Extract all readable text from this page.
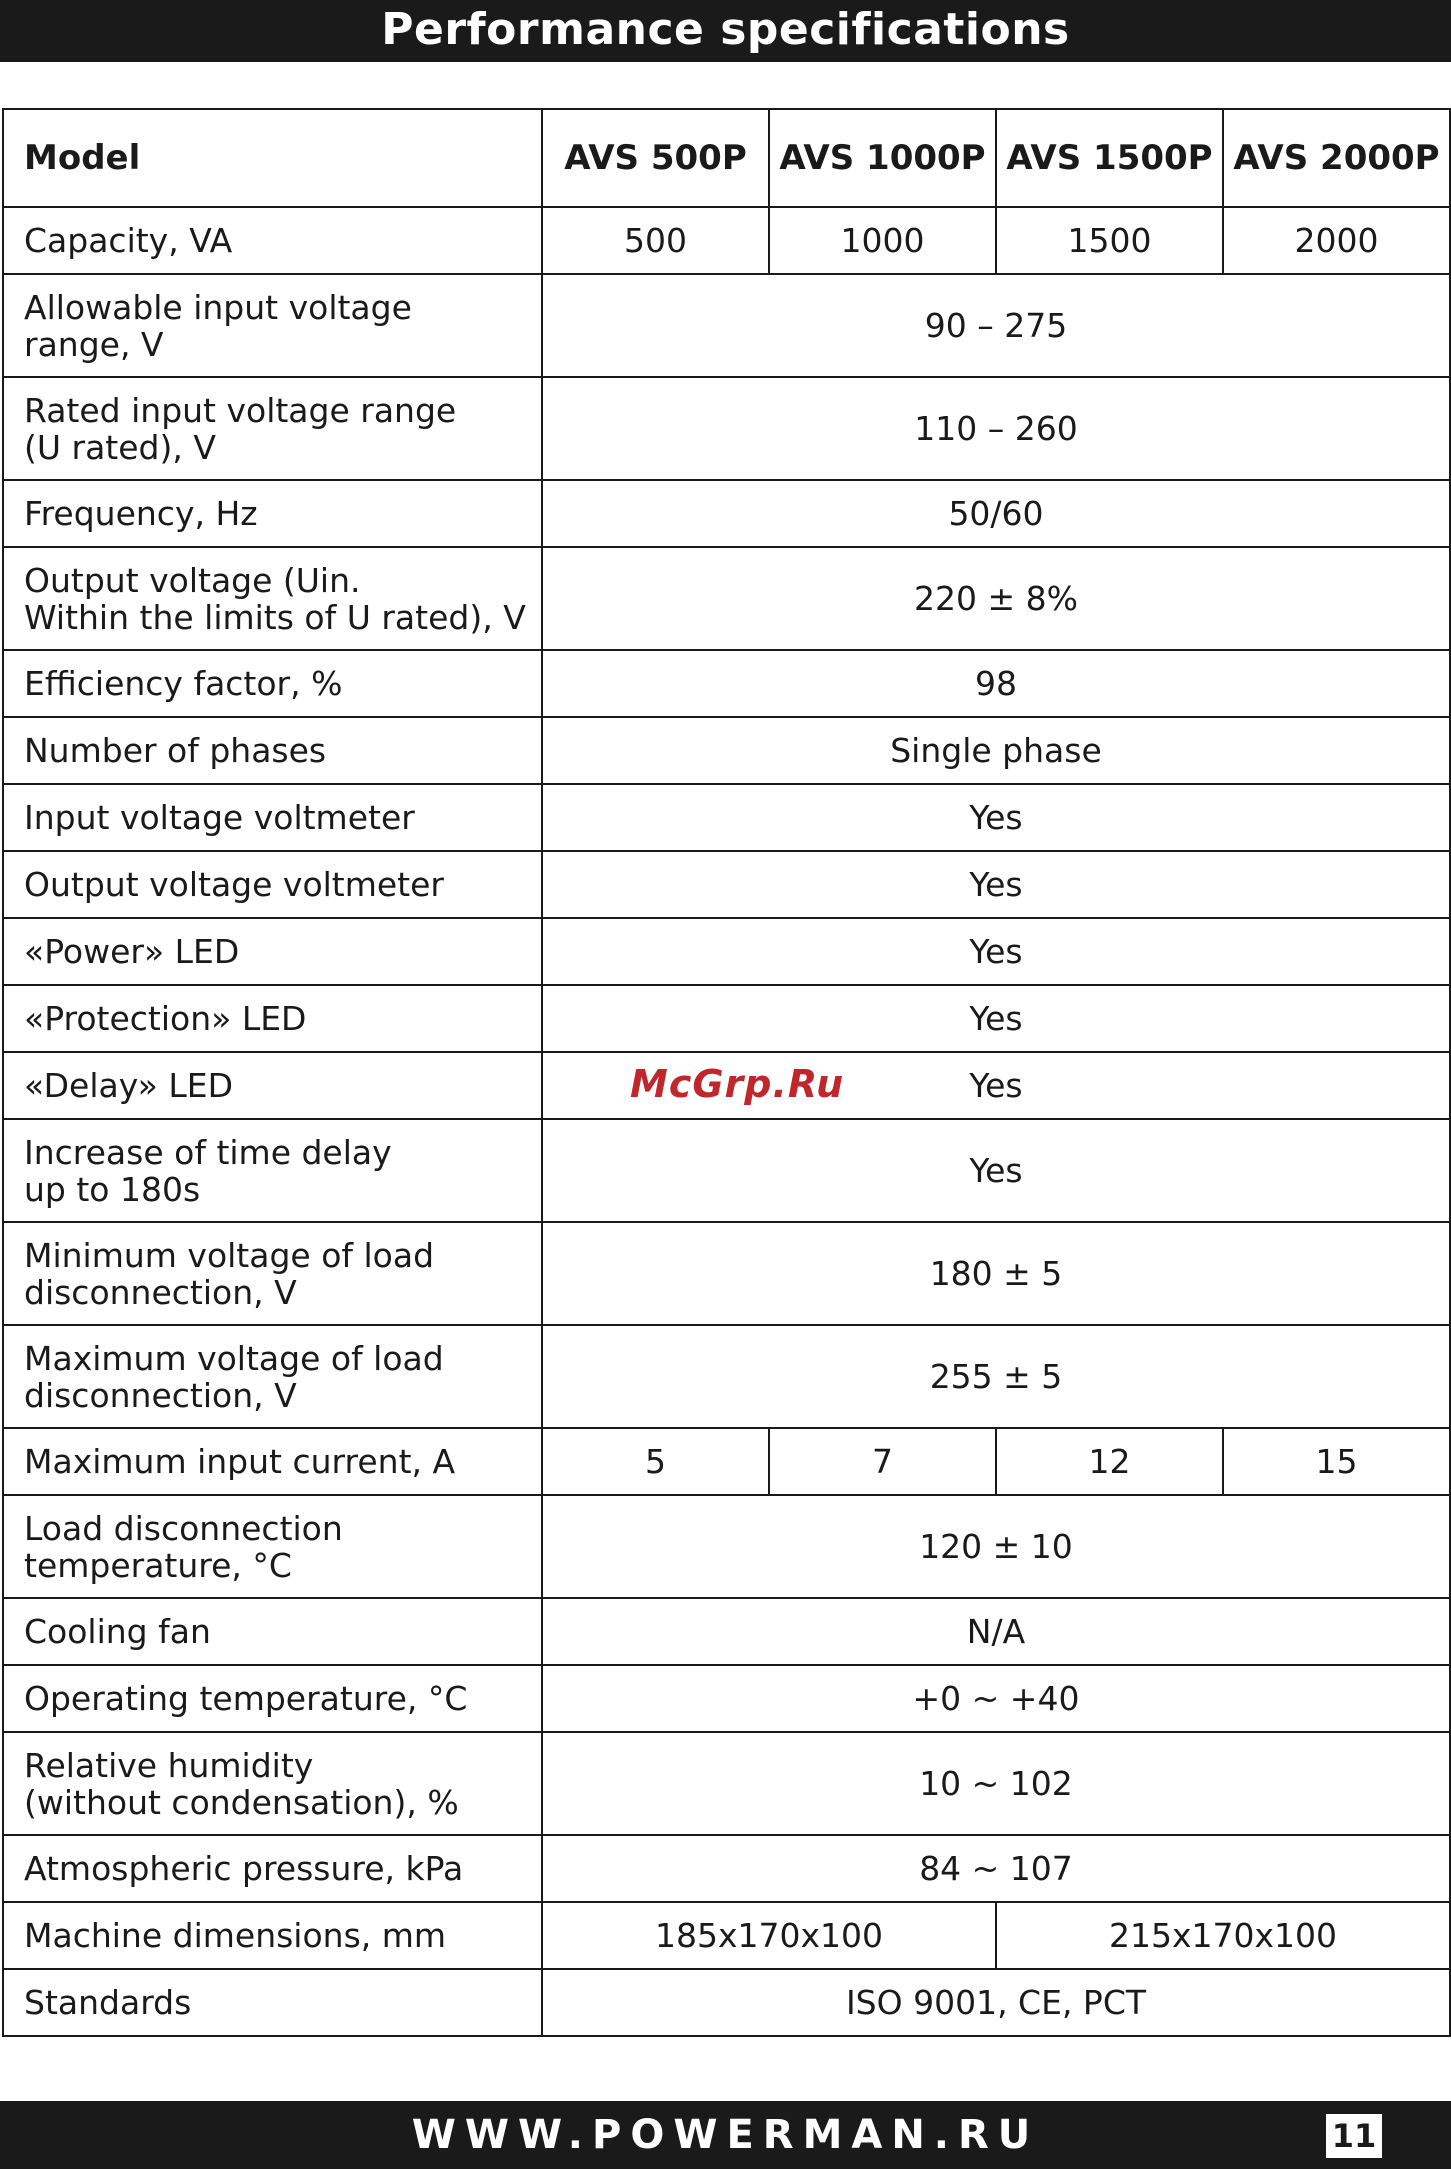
Performance specifications
Model	AVS 500P	AVS 1000P	AVS 1500P	AVS 2000P
Capacity, VA	500	1000	1500	2000
Allowable input voltage
range, V	90 – 275			
Rated input voltage range
(U rated), V	110 – 260			
Frequency, Hz	50/60			
Output voltage (Uin.
Within the limits of U rated), V	220 ± 8%			
Efficiency factor, %	98			
Number of phases	Single phase			
Input voltage voltmeter	Yes			
Output voltage voltmeter	Yes			
«Power» LED	Yes			
«Protection» LED	Yes			
«Delay» LED	Yes			
Increase of time delay
up to 180s	Yes			
Minimum voltage of load
disconnection, V	180 ± 5			
Maximum voltage of load
disconnection, V	255 ± 5			
Maximum input current, A	5	7	12	15
Load disconnection
temperature, °C	120 ± 10			
Cooling fan	N/A			
Operating temperature, °C	+0 ~ +40			
Relative humidity
(without condensation), %	10 ~ 102			
Atmospheric pressure, kPa	84 ~ 107			
Machine dimensions, mm	185x170x100		215x170x100	
Standards	ISO 9001, CE, PCT			
McGrp.Ru
WWW.POWERMAN.RU	11
